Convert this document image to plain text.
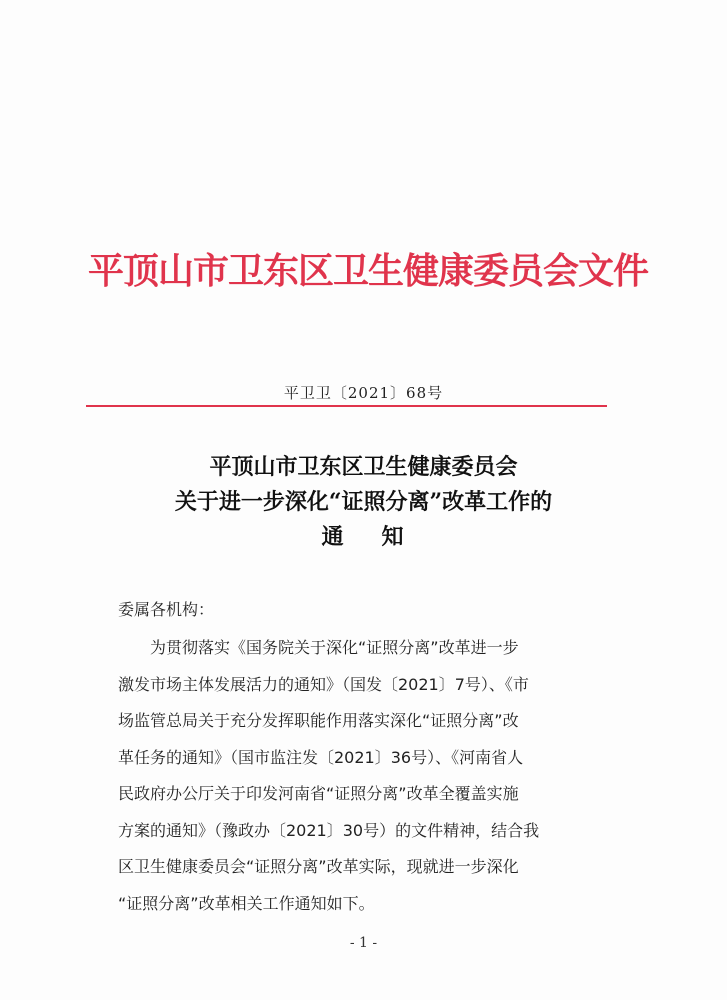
平顶山市卫东区卫生健康委员会文件
平卫卫〔2021〕68号
平顶山市卫东区卫生健康委员会
关于进一步深化“证照分离”改革工作的
通 知
委属各机构：
为贯彻落实《国务院关于深化“证照分离”改革进一步
激发市场主体发展活力的通知》（国发〔2021〕7号）、《市
场监管总局关于充分发挥职能作用落实深化“证照分离”改
革任务的通知》（国市监注发〔2021〕36号）、《河南省人
民政府办公厅关于印发河南省“证照分离”改革全覆盖实施
方案的通知》（豫政办〔2021〕30号）的文件精神，结合我
区卫生健康委员会“证照分离”改革实际，现就进一步深化
“证照分离”改革相关工作通知如下。
- 1 -
